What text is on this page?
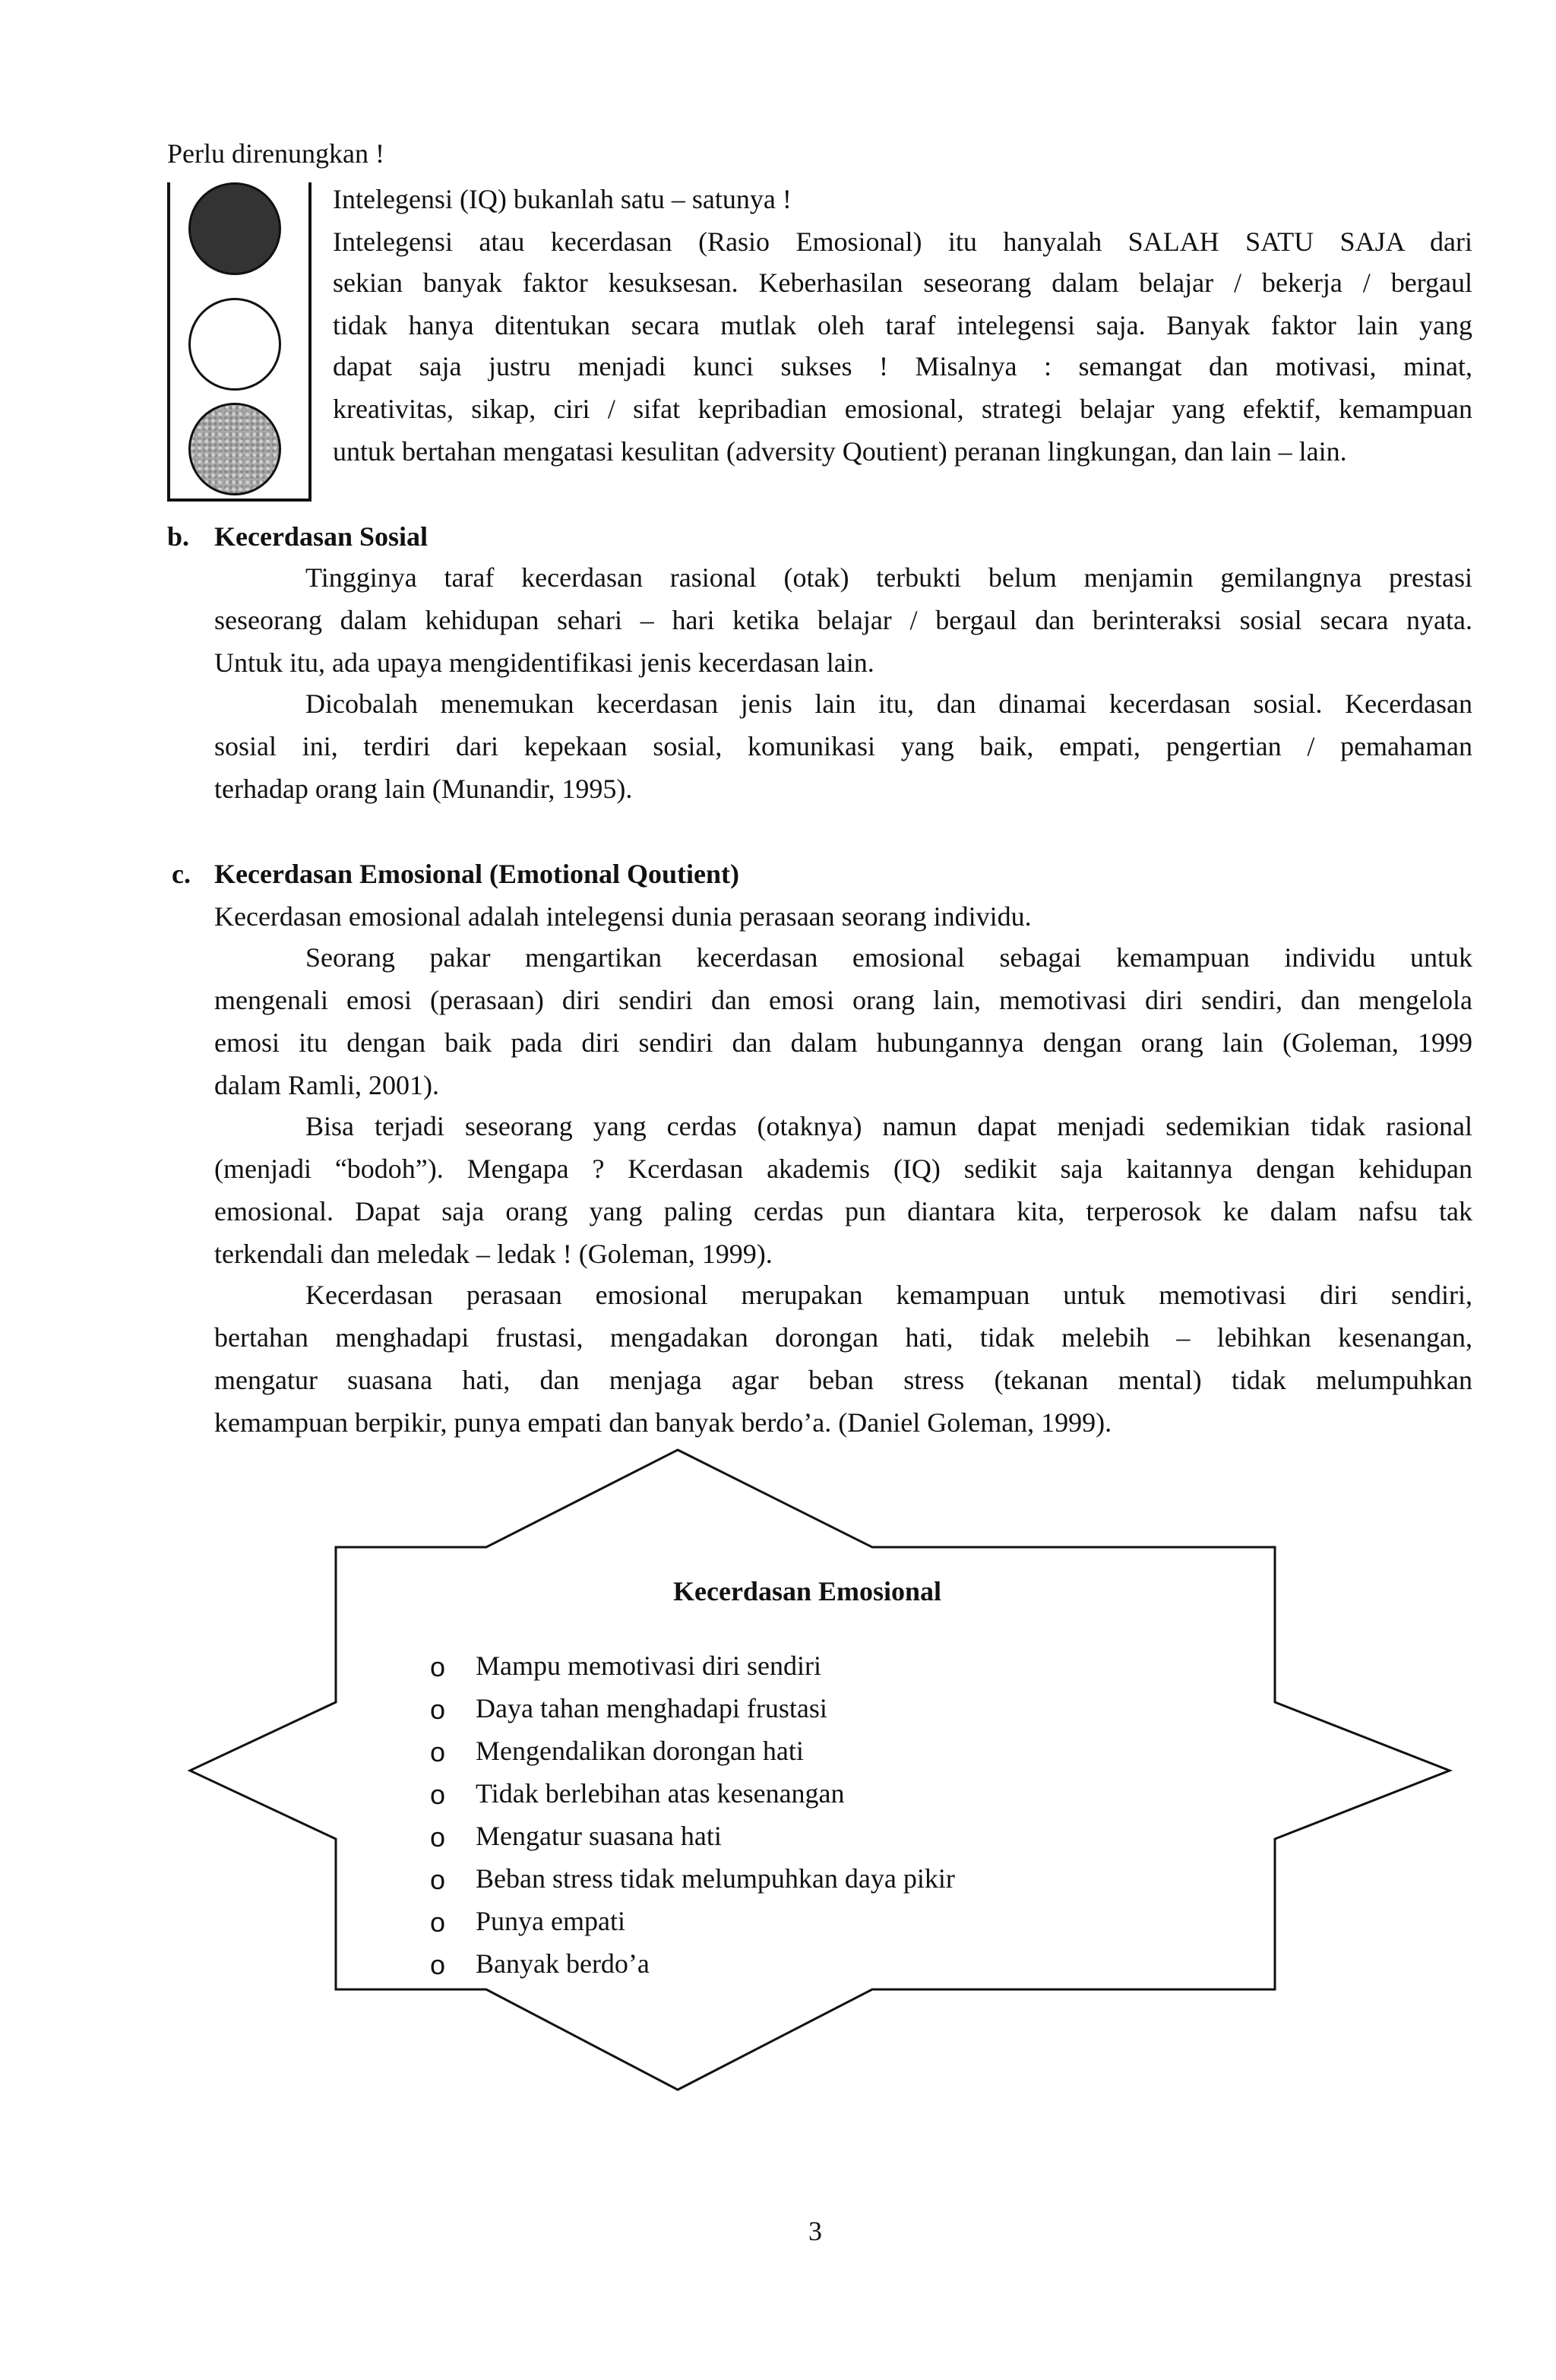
Perlu direnungkan !
Intelegensi (IQ) bukanlah satu – satunya !
Intelegensi atau kecerdasan (Rasio Emosional) itu hanyalah SALAH SATU SAJA dari
sekian banyak faktor kesuksesan. Keberhasilan seseorang dalam belajar / bekerja / bergaul
tidak hanya ditentukan secara mutlak oleh taraf intelegensi saja. Banyak faktor lain yang
dapat saja justru menjadi kunci sukses ! Misalnya : semangat dan motivasi, minat,
kreativitas, sikap, ciri / sifat kepribadian emosional, strategi belajar yang efektif, kemampuan
untuk bertahan mengatasi kesulitan (adversity Qoutient) peranan lingkungan, dan lain – lain.
b. Kecerdasan Sosial
Tingginya taraf kecerdasan rasional (otak) terbukti belum menjamin gemilangnya prestasi
seseorang dalam kehidupan sehari – hari ketika belajar / bergaul dan berinteraksi sosial secara nyata.
Untuk itu, ada upaya mengidentifikasi jenis kecerdasan lain.
Dicobalah menemukan kecerdasan jenis lain itu, dan dinamai kecerdasan sosial. Kecerdasan
sosial ini, terdiri dari kepekaan sosial, komunikasi yang baik, empati, pengertian / pemahaman
terhadap orang lain (Munandir, 1995).
c. Kecerdasan Emosional (Emotional Qoutient)
Kecerdasan emosional adalah intelegensi dunia perasaan seorang individu.
Seorang pakar mengartikan kecerdasan emosional sebagai kemampuan individu untuk
mengenali emosi (perasaan) diri sendiri dan emosi orang lain, memotivasi diri sendiri, dan mengelola
emosi itu dengan baik pada diri sendiri dan dalam hubungannya dengan orang lain (Goleman, 1999
dalam Ramli, 2001).
Bisa terjadi seseorang yang cerdas (otaknya) namun dapat menjadi sedemikian tidak rasional
(menjadi “bodoh”). Mengapa ? Kcerdasan akademis (IQ) sedikit saja kaitannya dengan kehidupan
emosional. Dapat saja orang yang paling cerdas pun diantara kita, terperosok ke dalam nafsu tak
terkendali dan meledak – ledak ! (Goleman, 1999).
Kecerdasan perasaan emosional merupakan kemampuan untuk memotivasi diri sendiri,
bertahan menghadapi frustasi, mengadakan dorongan hati, tidak melebih – lebihkan kesenangan,
mengatur suasana hati, dan menjaga agar beban stress (tekanan mental) tidak melumpuhkan
kemampuan berpikir, punya empati dan banyak berdo’a. (Daniel Goleman, 1999).
Kecerdasan Emosional
o Mampu memotivasi diri sendiri
o Daya tahan menghadapi frustasi
o Mengendalikan dorongan hati
o Tidak berlebihan atas kesenangan
o Mengatur suasana hati
o Beban stress tidak melumpuhkan daya pikir
o Punya empati
o Banyak berdo’a
3
